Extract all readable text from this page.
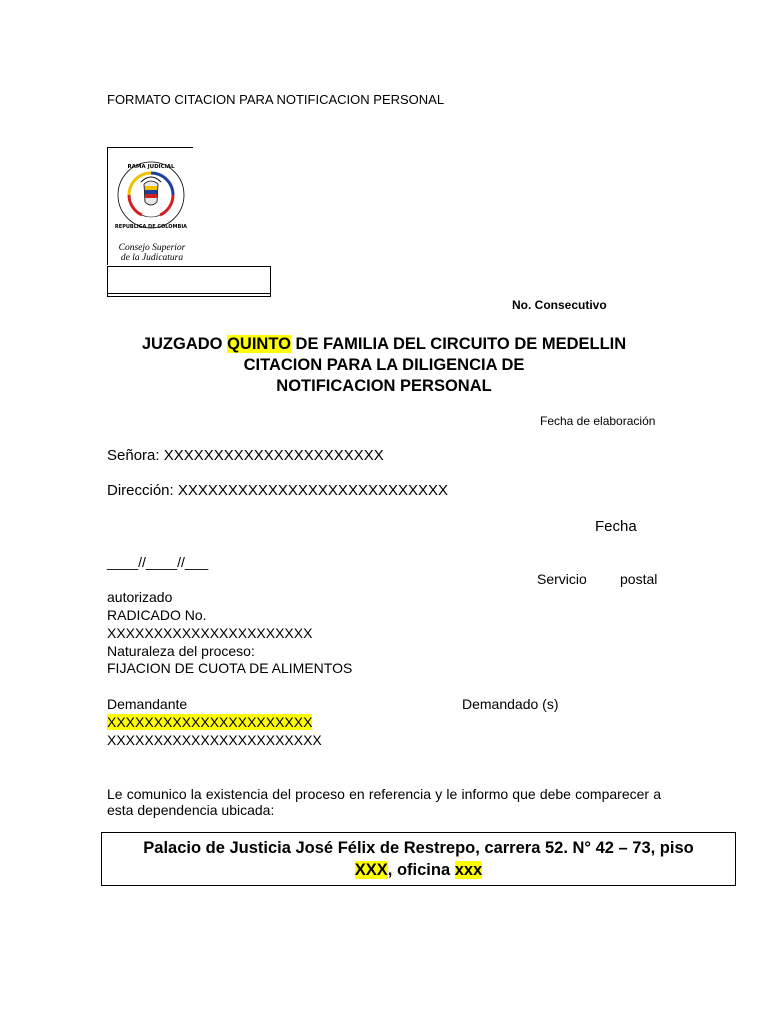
FORMATO CITACION PARA NOTIFICACION PERSONAL
RAMA JUDICIAL
REPUBLICA DE COLOMBIA
Consejo Superior
de la Judicatura
No. Consecutivo
JUZGADO QUINTO DE FAMILIA DEL CIRCUITO DE MEDELLIN
CITACION PARA LA DILIGENCIA DE
NOTIFICACION PERSONAL
Fecha de elaboración
Señora: XXXXXXXXXXXXXXXXXXXXXX
Dirección: XXXXXXXXXXXXXXXXXXXXXXXXXXX
Fecha
____//____//___
Servicio postal
autorizado
RADICADO No.
XXXXXXXXXXXXXXXXXXXXXX
Naturaleza del proceso:
FIJACION DE CUOTA DE ALIMENTOS
Demandante	Demandado (s)
XXXXXXXXXXXXXXXXXXXXXX
XXXXXXXXXXXXXXXXXXXXXXX
Le comunico la existencia del proceso en referencia y le informo que debe comparecer a esta dependencia ubicada:
Palacio de Justicia José Félix de Restrepo, carrera 52. N° 42 – 73, piso
XXX, oficina xxx
